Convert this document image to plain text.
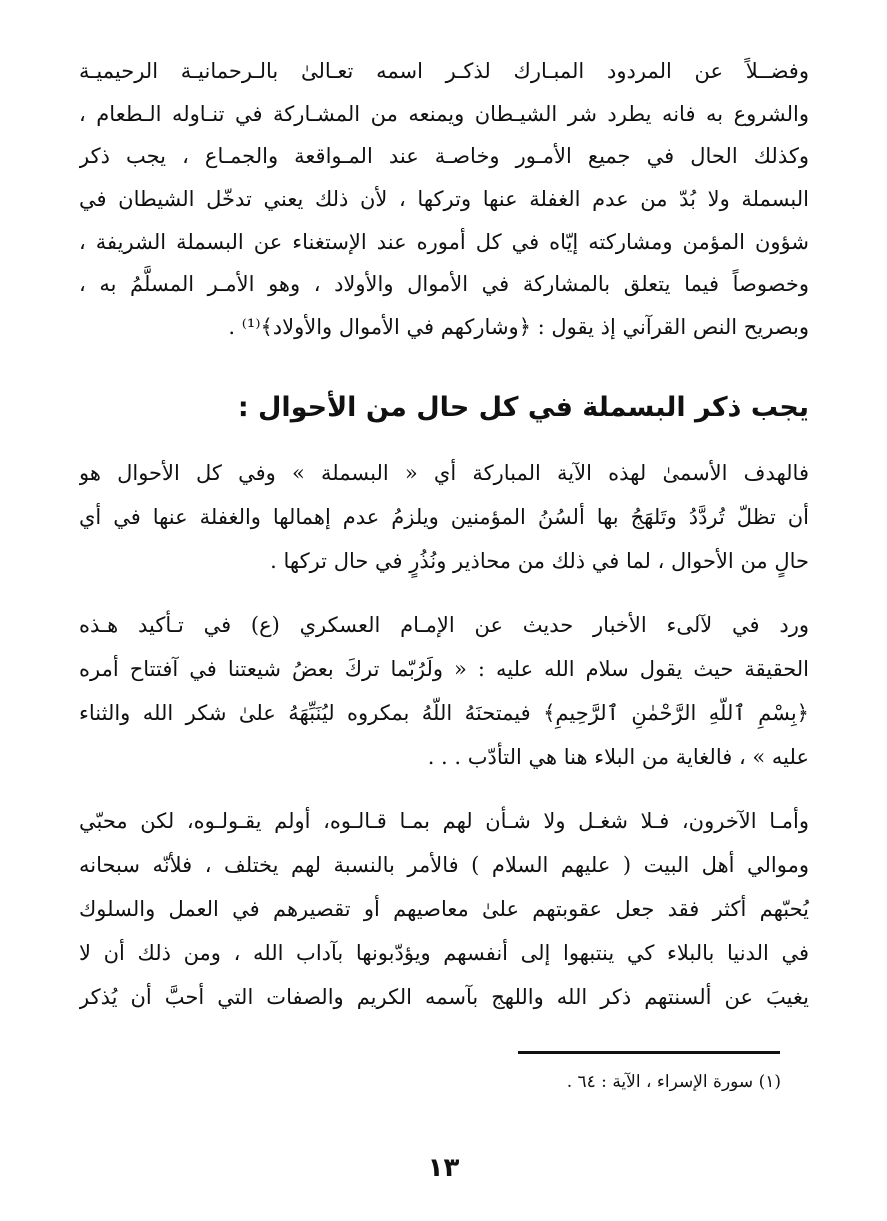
وفضــلاً عن المردود المبـارك لذكـر اسمه تعـالىٰ بالـرحمانيـة الرحيميـة
والشروع به فانه يطرد شر الشيـطان ويمنعه من المشـاركة في تنـاوله الـطعام ،
وكذلك الحال في جميع الأمـور وخاصـة عند المـواقعة والجمـاع ، يجب ذكر
البسملة ولا بُدّ من عدم الغفلة عنها وتركها ، لأن ذلك يعني تدخّل الشيطان في
شؤون المؤمن ومشاركته إيّاه في كل أموره عند الإستغناء عن البسملة الشريفة ،
وخصوصاً فيما يتعلق بالمشاركة في الأموال والأولاد ، وهو الأمـر المسلَّمُ به ،
وبصريح النص القرآني إذ يقول : ﴿وشاركهم في الأموال والأولاد﴾⁽¹⁾ .
يجب ذكر البسملة في كل حال من الأحوال :
فالهدف الأسمىٰ لهذه الآية المباركة أي « البسملة » وفي كل الأحوال هو
أن تظلّ تُردَّدُ وتَلهَجُ بها ألسُنُ المؤمنين ويلزمُ عدم إهمالها والغفلة عنها في أي
حالٍ من الأحوال ، لما في ذلك من محاذير ونُذُرٍ في حال تركها .
ورد في لآلىء الأخبار حديث عن الإمـام العسكري (ع) في تـأكيد هـذه
الحقيقة حيث يقول سلام الله عليه : « ولَرُبّما تركَ بعضُ شيعتنا في آفتتاح أمره
﴿بِسْمِ ٱللّهِ الرَّحْمٰنِ ٱلرَّحِيمِ﴾ فيمتحنَهُ اللّهُ بمكروه ليُنَبِّهَهُ علىٰ شكر الله والثناء
عليه » ، فالغاية من البلاء هنا هي التأدّب . . .
وأمـا الآخرون، فـلا شغـل ولا شـأن لهم بمـا قـالـوه، أولم يقـولـوه، لكن محبّي
وموالي أهل البيت ( عليهم السلام ) فالأمر بالنسبة لهم يختلف ، فلأنّه سبحانه
يُحبّهم أكثر فقد جعل عقوبتهم علىٰ معاصيهم أو تقصيرهم في العمل والسلوك
في الدنيا بالبلاء كي ينتبهوا إلى أنفسهم ويؤدّبونها بآداب الله ، ومن ذلك أن لا
يغيبَ عن ألسنتهم ذكر الله واللهج بآسمه الكريم والصفات التي أحبَّ أن يُذكر
(١) سورة الإسراء ، الآية : ٦٤ .
١٣
